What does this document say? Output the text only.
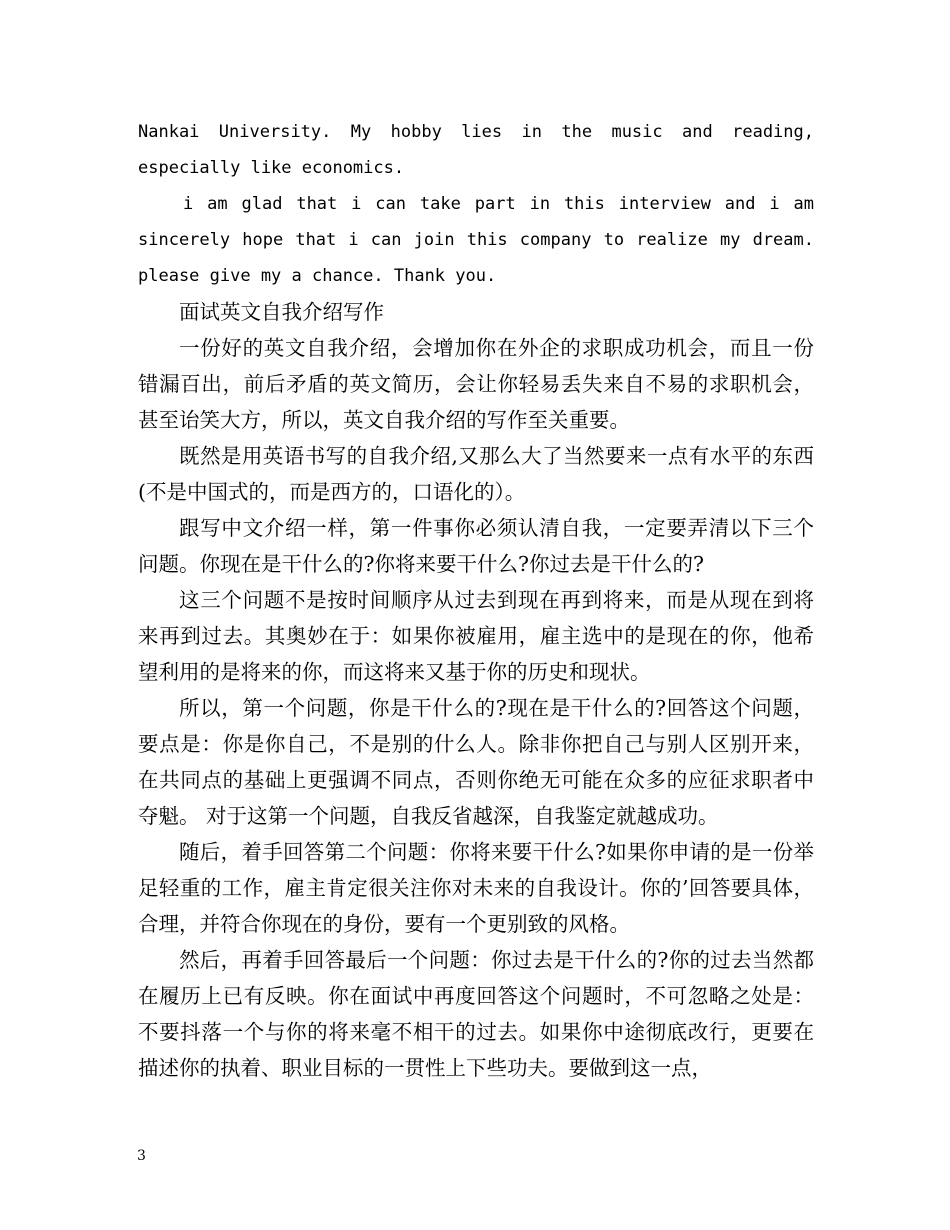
Nankai University. My hobby lies in the music and reading, especially like economics.

i am glad that i can take part in this interview and i am sincerely hope that i can join this company to realize my dream. please give my a chance. Thank you.

面试英文自我介绍写作

一份好的英文自我介绍，会增加你在外企的求职成功机会，而且一份错漏百出，前后矛盾的英文简历，会让你轻易丢失来自不易的求职机会，甚至诒笑大方，所以，英文自我介绍的写作至关重要。

既然是用英语书写的自我介绍,又那么大了当然要来一点有水平的东西(不是中国式的，而是西方的，口语化的）。

跟写中文介绍一样，第一件事你必须认清自我，一定要弄清以下三个问题。你现在是干什么的?你将来要干什么?你过去是干什么的?

这三个问题不是按时间顺序从过去到现在再到将来，而是从现在到将来再到过去。其奥妙在于：如果你被雇用，雇主选中的是现在的你，他希望利用的是将来的你，而这将来又基于你的历史和现状。

所以，第一个问题，你是干什么的?现在是干什么的?回答这个问题，要点是：你是你自己，不是别的什么人。除非你把自己与别人区别开来，在共同点的基础上更强调不同点，否则你绝无可能在众多的应征求职者中夺魁。 对于这第一个问题，自我反省越深，自我鉴定就越成功。

随后，着手回答第二个问题：你将来要干什么?如果你申请的是一份举足轻重的工作，雇主肯定很关注你对未来的自我设计。你的’回答要具体，合理，并符合你现在的身份，要有一个更别致的风格。

然后，再着手回答最后一个问题：你过去是干什么的?你的过去当然都在履历上已有反映。你在面试中再度回答这个问题时，不可忽略之处是：不要抖落一个与你的将来毫不相干的过去。如果你中途彻底改行，更要在描述你的执着、职业目标的一贯性上下些功夫。要做到这一点，

3
